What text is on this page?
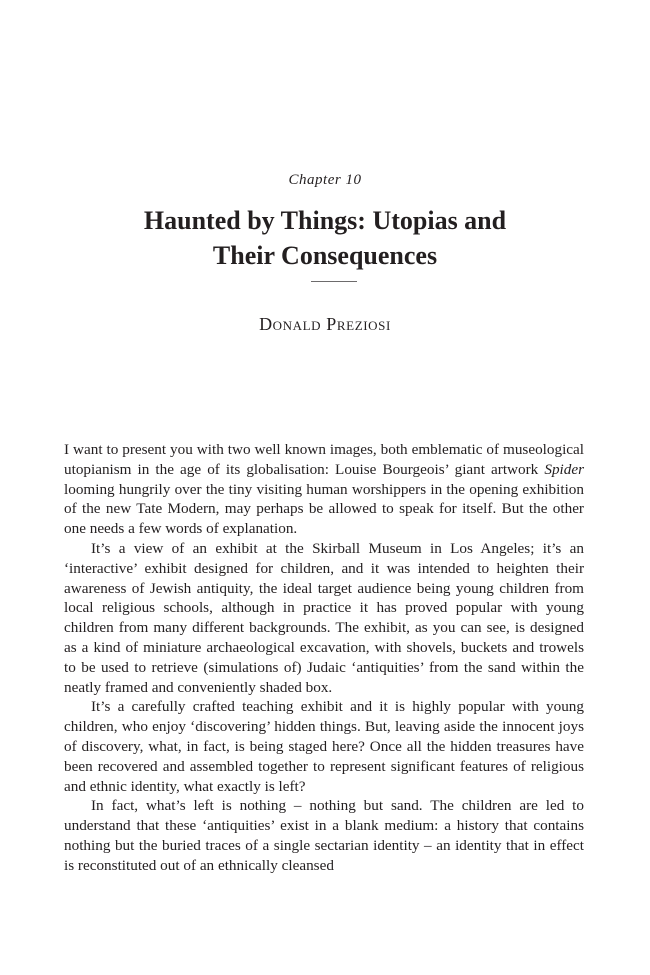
Chapter 10
Haunted by Things: Utopias and
Their Consequences
Donald Preziosi

I want to present you with two well known images, both emblematic of museological utopianism in the age of its globalisation: Louise Bourgeois’ giant artwork Spider looming hungrily over the tiny visiting human worshippers in the opening exhibition of the new Tate Modern, may perhaps be allowed to speak for itself. But the other one needs a few words of explanation.

It’s a view of an exhibit at the Skirball Museum in Los Angeles; it’s an ‘interactive’ exhibit designed for children, and it was intended to heighten their awareness of Jewish antiquity, the ideal target audience being young children from local religious schools, although in practice it has proved popular with young children from many different backgrounds. The exhibit, as you can see, is designed as a kind of miniature archaeological excavation, with shovels, buckets and trowels to be used to retrieve (simulations of) Judaic ‘antiquities’ from the sand within the neatly framed and conveniently shaded box.

It’s a carefully crafted teaching exhibit and it is highly popular with young children, who enjoy ‘discovering’ hidden things. But, leaving aside the innocent joys of discovery, what, in fact, is being staged here? Once all the hidden treasures have been recovered and assembled together to represent significant features of religious and ethnic identity, what exactly is left?

In fact, what’s left is nothing – nothing but sand. The children are led to understand that these ‘antiquities’ exist in a blank medium: a history that contains nothing but the buried traces of a single sectarian identity – an identity that in effect is reconstituted out of an ethnically cleansed
